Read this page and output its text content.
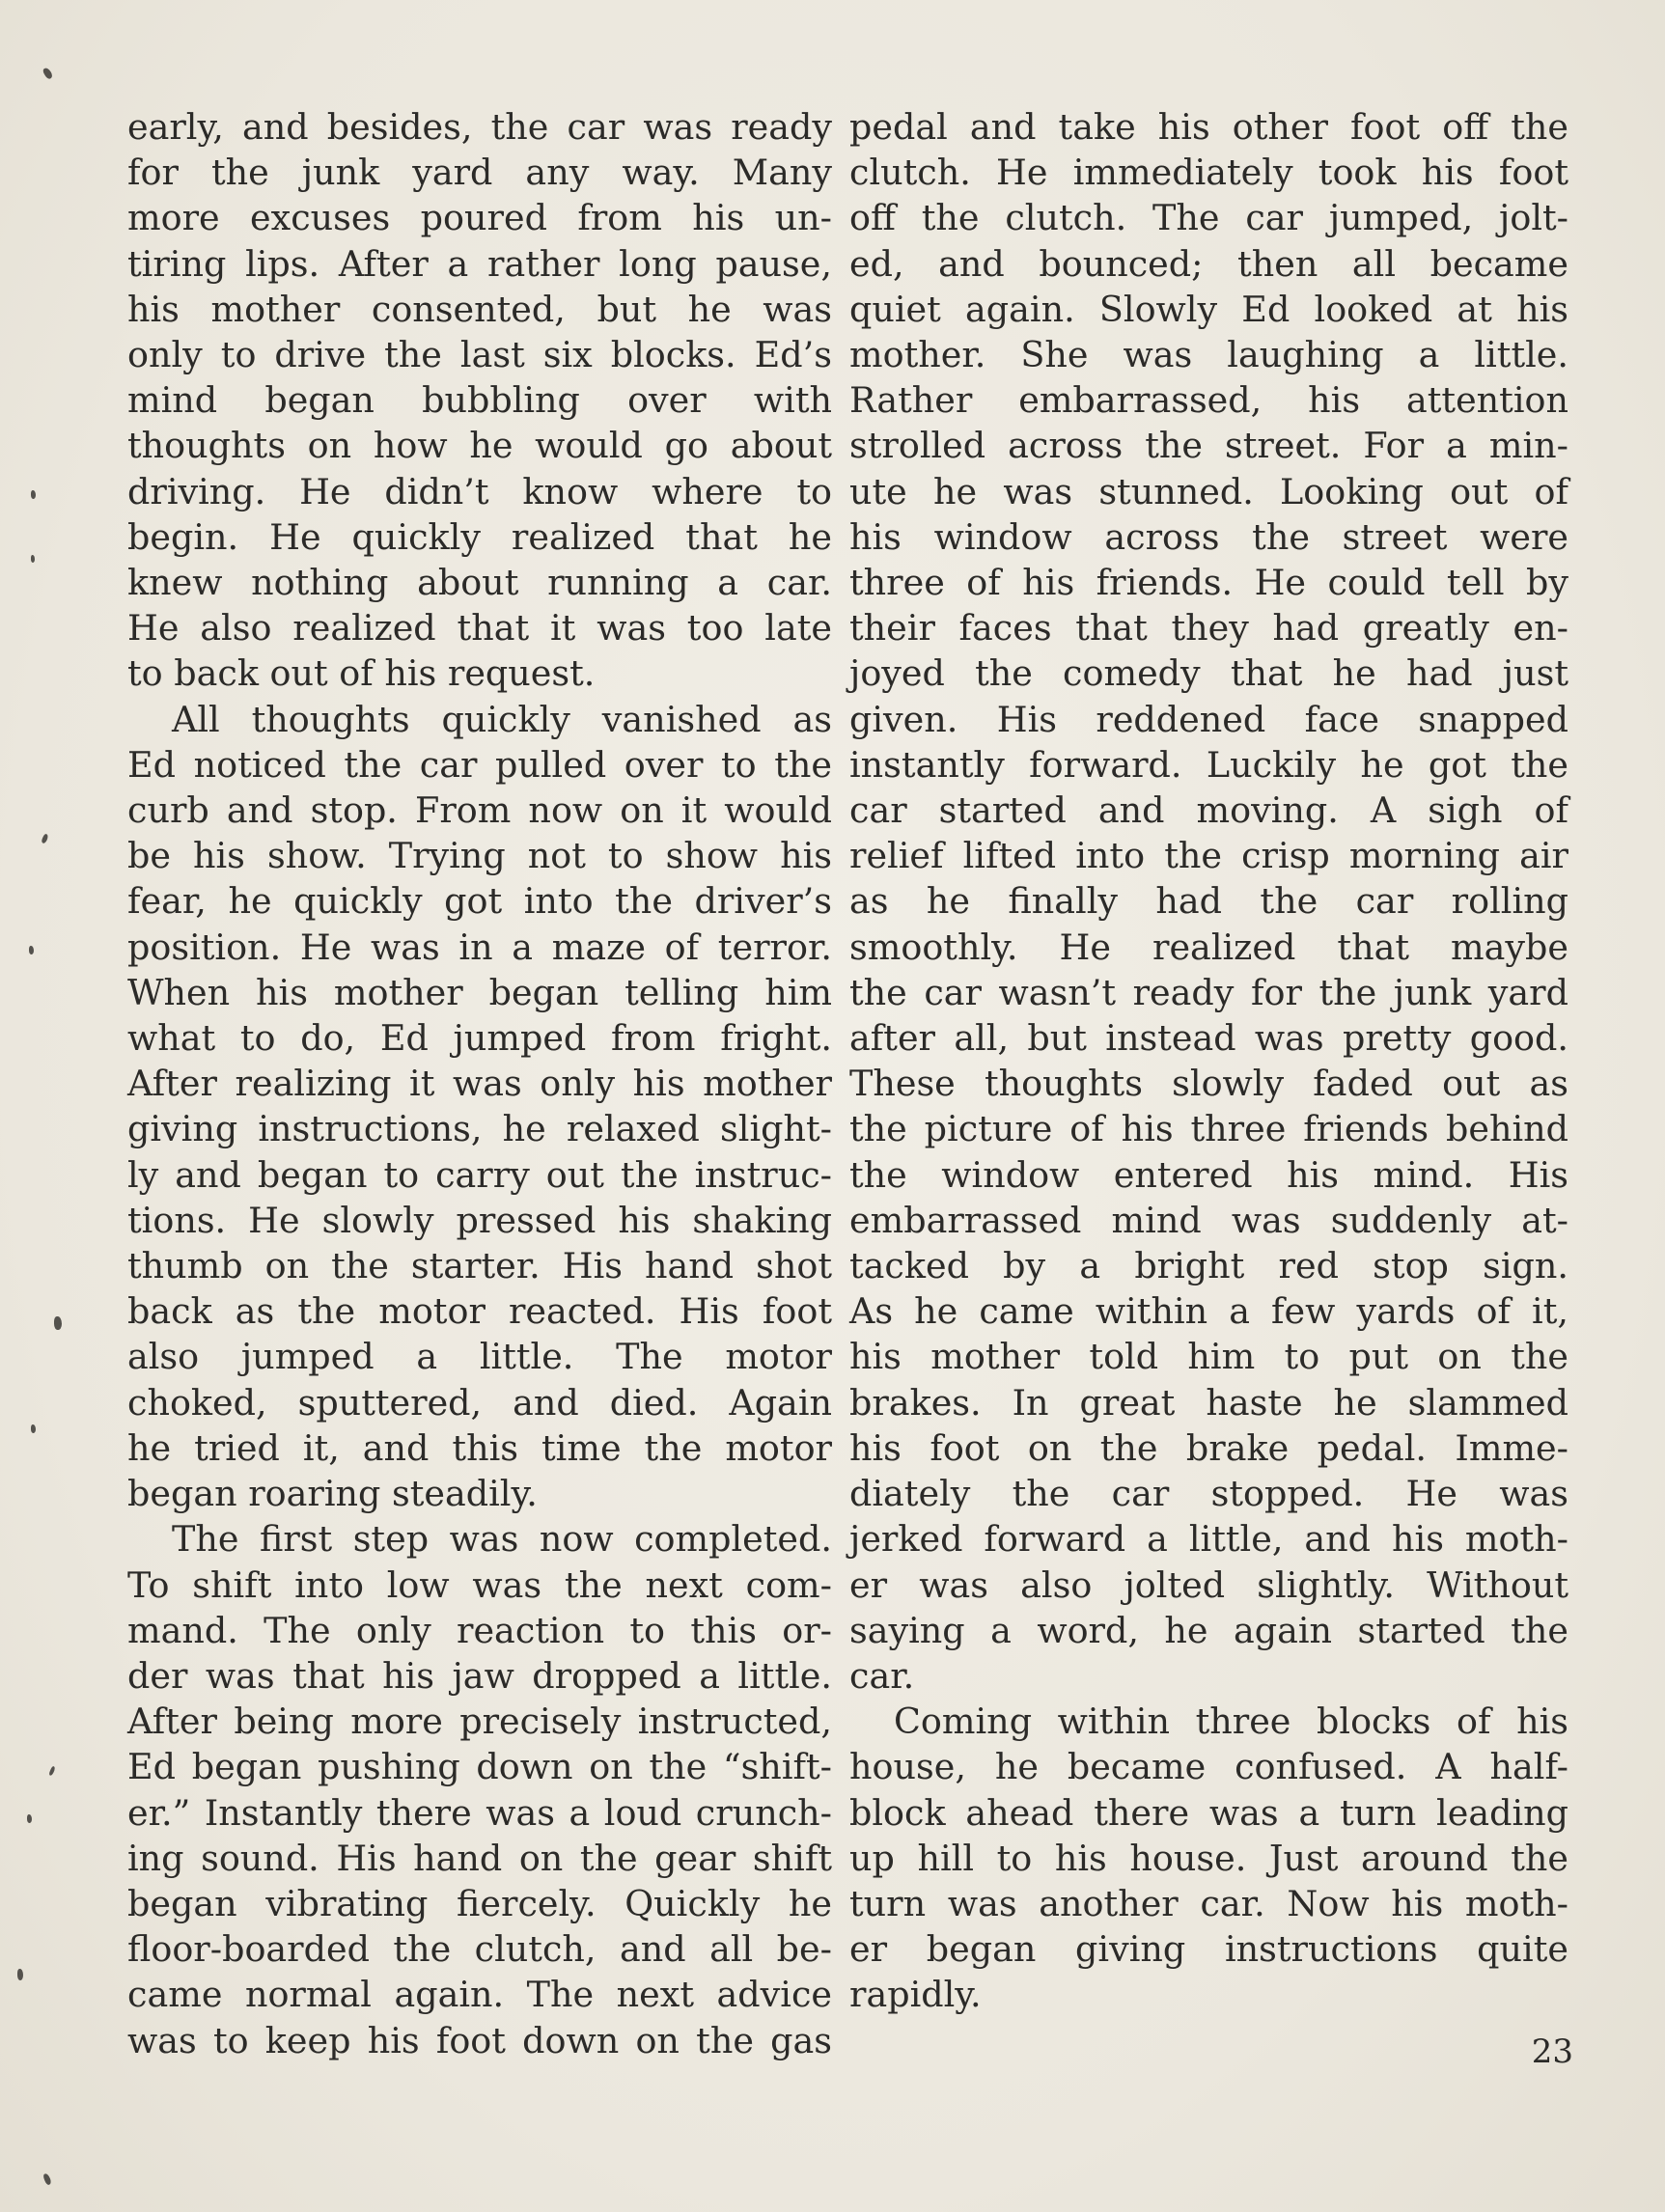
early, and besides, the car was ready
for the junk yard any way. Many
more excuses poured from his un-
tiring lips. After a rather long pause,
his mother consented, but he was
only to drive the last six blocks. Ed’s
mind began bubbling over with
thoughts on how he would go about
driving. He didn’t know where to
begin. He quickly realized that he
knew nothing about running a car.
He also realized that it was too late
to back out of his request.
All thoughts quickly vanished as
Ed noticed the car pulled over to the
curb and stop. From now on it would
be his show. Trying not to show his
fear, he quickly got into the driver’s
position. He was in a maze of terror.
When his mother began telling him
what to do, Ed jumped from fright.
After realizing it was only his mother
giving instructions, he relaxed slight-
ly and began to carry out the instruc-
tions. He slowly pressed his shaking
thumb on the starter. His hand shot
back as the motor reacted. His foot
also jumped a little. The motor
choked, sputtered, and died. Again
he tried it, and this time the motor
began roaring steadily.
The first step was now completed.
To shift into low was the next com-
mand. The only reaction to this or-
der was that his jaw dropped a little.
After being more precisely instructed,
Ed began pushing down on the “shift-
er.” Instantly there was a loud crunch-
ing sound. His hand on the gear shift
began vibrating fiercely. Quickly he
floor-boarded the clutch, and all be-
came normal again. The next advice
was to keep his foot down on the gas
pedal and take his other foot off the
clutch. He immediately took his foot
off the clutch. The car jumped, jolt-
ed, and bounced; then all became
quiet again. Slowly Ed looked at his
mother. She was laughing a little.
Rather embarrassed, his attention
strolled across the street. For a min-
ute he was stunned. Looking out of
his window across the street were
three of his friends. He could tell by
their faces that they had greatly en-
joyed the comedy that he had just
given. His reddened face snapped
instantly forward. Luckily he got the
car started and moving. A sigh of
relief lifted into the crisp morning air
as he finally had the car rolling
smoothly. He realized that maybe
the car wasn’t ready for the junk yard
after all, but instead was pretty good.
These thoughts slowly faded out as
the picture of his three friends behind
the window entered his mind. His
embarrassed mind was suddenly at-
tacked by a bright red stop sign.
As he came within a few yards of it,
his mother told him to put on the
brakes. In great haste he slammed
his foot on the brake pedal. Imme-
diately the car stopped. He was
jerked forward a little, and his moth-
er was also jolted slightly. Without
saying a word, he again started the
car.
Coming within three blocks of his
house, he became confused. A half-
block ahead there was a turn leading
up hill to his house. Just around the
turn was another car. Now his moth-
er began giving instructions quite
rapidly.
23
